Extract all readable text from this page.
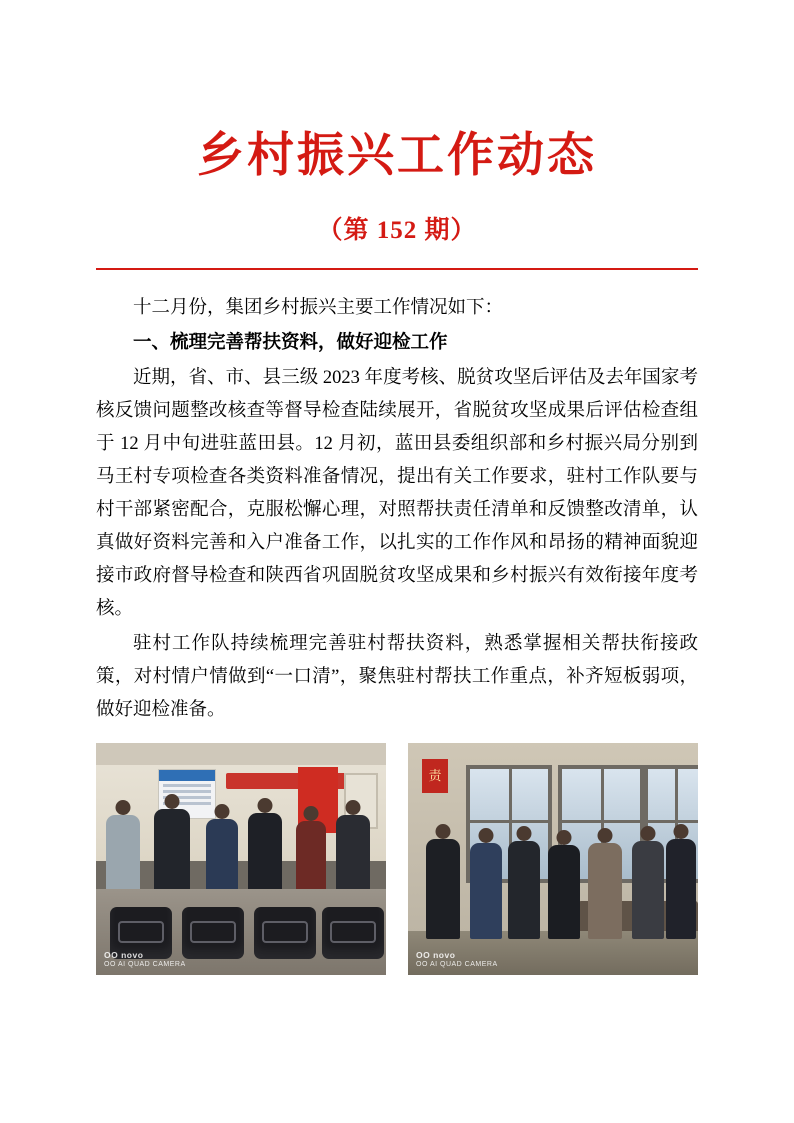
乡村振兴工作动态
（第 152 期）

十二月份，集团乡村振兴主要工作情况如下：

一、梳理完善帮扶资料，做好迎检工作

近期，省、市、县三级 2023 年度考核、脱贫攻坚后评估及去年国家考核反馈问题整改核查等督导检查陆续展开，省脱贫攻坚成果后评估检查组于 12 月中旬进驻蓝田县。12 月初，蓝田县委组织部和乡村振兴局分别到马王村专项检查各类资料准备情况，提出有关工作要求，驻村工作队要与村干部紧密配合，克服松懈心理，对照帮扶责任清单和反馈整改清单，认真做好资料完善和入户准备工作，以扎实的工作作风和昂扬的精神面貌迎接市政府督导检查和陕西省巩固脱贫攻坚成果和乡村振兴有效衔接年度考核。

驻村工作队持续梳理完善驻村帮扶资料，熟悉掌握相关帮扶衔接政策，对村情户情做到“一口清”，聚焦驻村帮扶工作重点，补齐短板弱项，做好迎检准备。

OO novo
OO AI QUAD CAMERA
责
OO novo
OO AI QUAD CAMERA
